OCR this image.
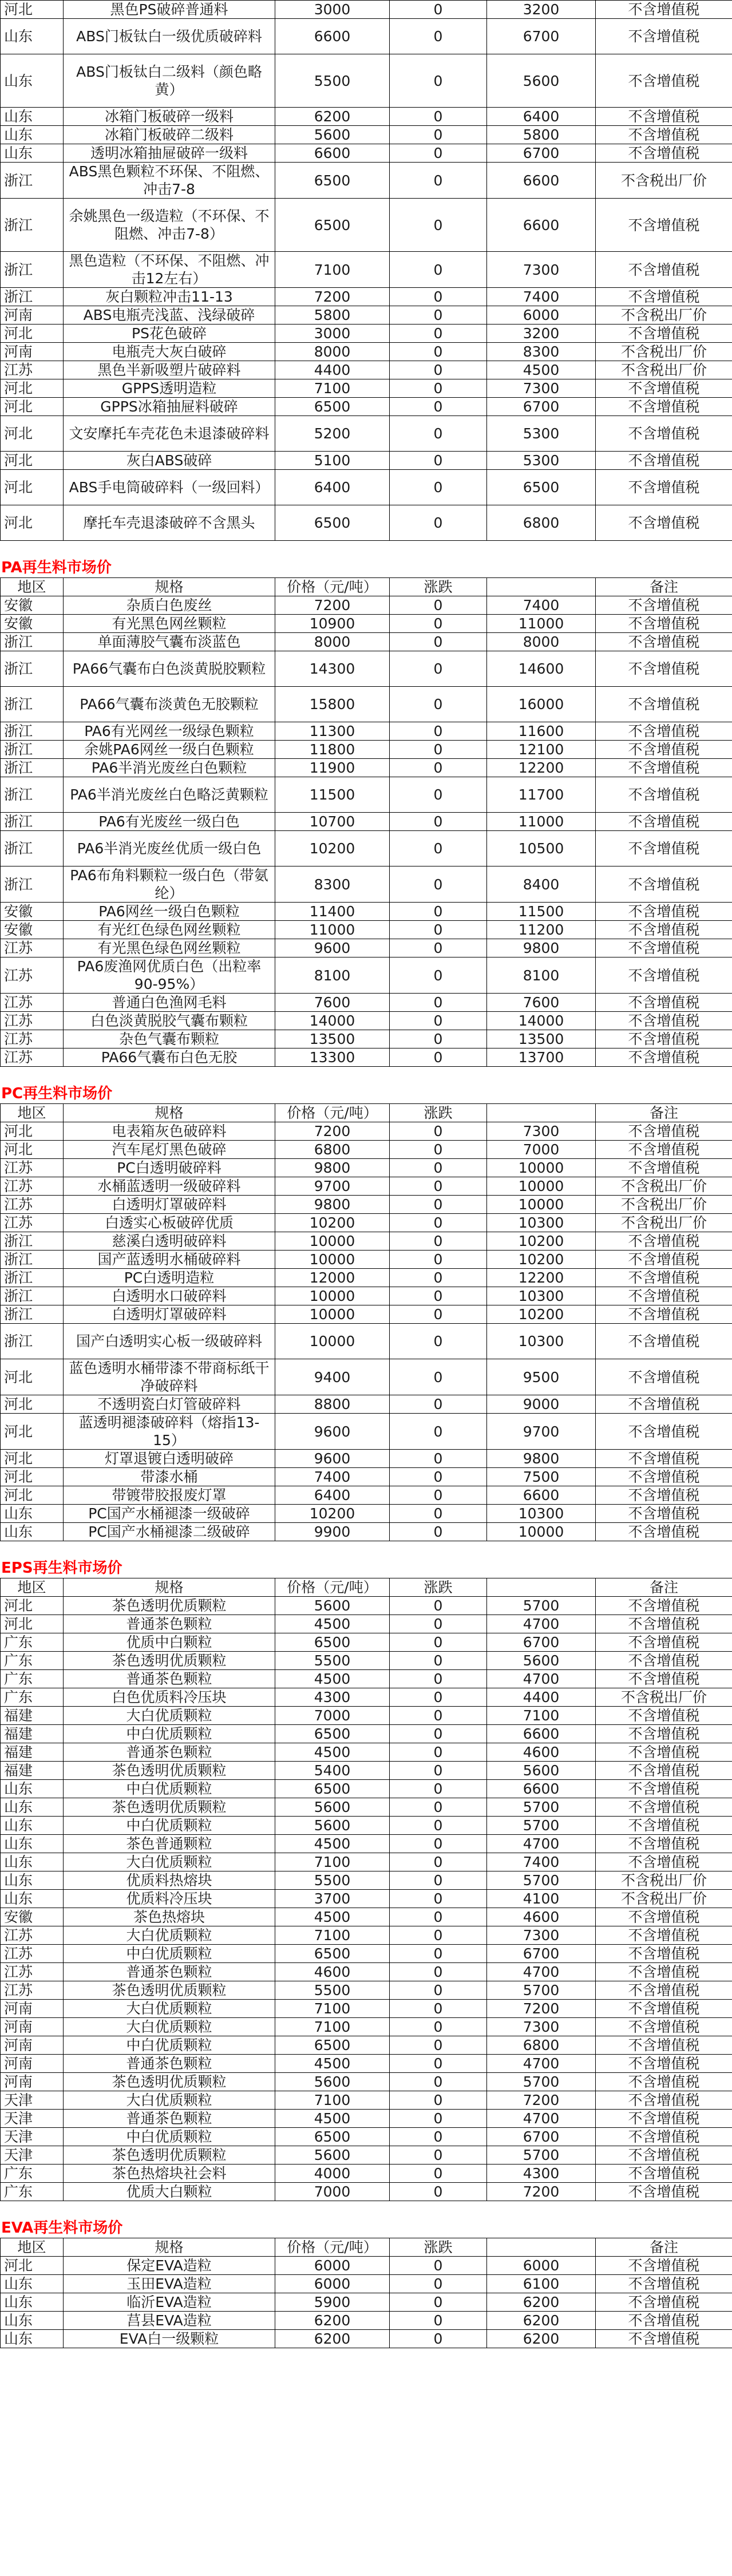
河北	黑色PS破碎普通料	3000	0	3200	不含增值税
山东	ABS门板钛白一级优质破碎料	6600	0	6700	不含增值税
山东	ABS门板钛白二级料（颜色略黄）	5500	0	5600	不含增值税
山东	冰箱门板破碎一级料	6200	0	6400	不含增值税
山东	冰箱门板破碎二级料	5600	0	5800	不含增值税
山东	透明冰箱抽屉破碎一级料	6600	0	6700	不含增值税
浙江	ABS黑色颗粒不环保、不阻燃、冲击7-8	6500	0	6600	不含税出厂价
浙江	余姚黑色一级造粒（不环保、不阻燃、冲击7-8）	6500	0	6600	不含增值税
浙江	黑色造粒（不环保、不阻燃、冲击12左右）	7100	0	7300	不含增值税
浙江	灰白颗粒冲击11-13	7200	0	7400	不含增值税
河南	ABS电瓶壳浅蓝、浅绿破碎	5800	0	6000	不含税出厂价
河北	PS花色破碎	3000	0	3200	不含增值税
河南	电瓶壳大灰白破碎	8000	0	8300	不含税出厂价
江苏	黑色半新吸塑片破碎料	4400	0	4500	不含税出厂价
河北	GPPS透明造粒	7100	0	7300	不含增值税
河北	GPPS冰箱抽屉料破碎	6500	0	6700	不含增值税
河北	文安摩托车壳花色未退漆破碎料	5200	0	5300	不含增值税
河北	灰白ABS破碎	5100	0	5300	不含增值税
河北	ABS手电筒破碎料（一级回料）	6400	0	6500	不含增值税
河北	摩托车壳退漆破碎不含黑头	6500	0	6800	不含增值税
PA再生料市场价
地区	规格	价格（元/吨）	涨跌		备注
安徽	杂质白色废丝	7200	0	7400	不含增值税
安徽	有光黑色网丝颗粒	10900	0	11000	不含增值税
浙江	单面薄胶气囊布淡蓝色	8000	0	8000	不含增值税
浙江	PA66气囊布白色淡黄脱胶颗粒	14300	0	14600	不含增值税
浙江	PA66气囊布淡黄色无胶颗粒	15800	0	16000	不含增值税
浙江	PA6有光网丝一级绿色颗粒	11300	0	11600	不含增值税
浙江	余姚PA6网丝一级白色颗粒	11800	0	12100	不含增值税
浙江	PA6半消光废丝白色颗粒	11900	0	12200	不含增值税
浙江	PA6半消光废丝白色略泛黄颗粒	11500	0	11700	不含增值税
浙江	PA6有光废丝一级白色	10700	0	11000	不含增值税
浙江	PA6半消光废丝优质一级白色	10200	0	10500	不含增值税
浙江	PA6布角料颗粒一级白色（带氨纶）	8300	0	8400	不含增值税
安徽	PA6网丝一级白色颗粒	11400	0	11500	不含增值税
安徽	有光红色绿色网丝颗粒	11000	0	11200	不含增值税
江苏	有光黑色绿色网丝颗粒	9600	0	9800	不含增值税
江苏	PA6废渔网优质白色（出粒率90-95%）	8100	0	8100	不含增值税
江苏	普通白色渔网毛料	7600	0	7600	不含增值税
江苏	白色淡黄脱胶气囊布颗粒	14000	0	14000	不含增值税
江苏	杂色气囊布颗粒	13500	0	13500	不含增值税
江苏	PA66气囊布白色无胶	13300	0	13700	不含增值税
PC再生料市场价
地区	规格	价格（元/吨）	涨跌		备注
河北	电表箱灰色破碎料	7200	0	7300	不含增值税
河北	汽车尾灯黑色破碎	6800	0	7000	不含增值税
江苏	PC白透明破碎料	9800	0	10000	不含增值税
江苏	水桶蓝透明一级破碎料	9700	0	10000	不含税出厂价
江苏	白透明灯罩破碎料	9800	0	10000	不含税出厂价
江苏	白透实心板破碎优质	10200	0	10300	不含税出厂价
浙江	慈溪白透明破碎料	10000	0	10200	不含增值税
浙江	国产蓝透明水桶破碎料	10000	0	10200	不含增值税
浙江	PC白透明造粒	12000	0	12200	不含增值税
浙江	白透明水口破碎料	10000	0	10300	不含增值税
浙江	白透明灯罩破碎料	10000	0	10200	不含增值税
浙江	国产白透明实心板一级破碎料	10000	0	10300	不含增值税
河北	蓝色透明水桶带漆不带商标纸干净破碎料	9400	0	9500	不含增值税
河北	不透明瓷白灯管破碎料	8800	0	9000	不含增值税
河北	蓝透明褪漆破碎料（熔指13-15）	9600	0	9700	不含增值税
河北	灯罩退镀白透明破碎	9600	0	9800	不含增值税
河北	带漆水桶	7400	0	7500	不含增值税
河北	带镀带胶报废灯罩	6400	0	6600	不含增值税
山东	PC国产水桶褪漆一级破碎	10200	0	10300	不含增值税
山东	PC国产水桶褪漆二级破碎	9900	0	10000	不含增值税
EPS再生料市场价
地区	规格	价格（元/吨）	涨跌		备注
河北	茶色透明优质颗粒	5600	0	5700	不含增值税
河北	普通茶色颗粒	4500	0	4700	不含增值税
广东	优质中白颗粒	6500	0	6700	不含增值税
广东	茶色透明优质颗粒	5500	0	5600	不含增值税
广东	普通茶色颗粒	4500	0	4700	不含增值税
广东	白色优质料冷压块	4300	0	4400	不含税出厂价
福建	大白优质颗粒	7000	0	7100	不含增值税
福建	中白优质颗粒	6500	0	6600	不含增值税
福建	普通茶色颗粒	4500	0	4600	不含增值税
福建	茶色透明优质颗粒	5400	0	5600	不含增值税
山东	中白优质颗粒	6500	0	6600	不含增值税
山东	茶色透明优质颗粒	5600	0	5700	不含增值税
山东	中白优质颗粒	5600	0	5700	不含增值税
山东	茶色普通颗粒	4500	0	4700	不含增值税
山东	大白优质颗粒	7100	0	7400	不含增值税
山东	优质料热熔块	5500	0	5700	不含税出厂价
山东	优质料冷压块	3700	0	4100	不含税出厂价
安徽	茶色热熔块	4500	0	4600	不含增值税
江苏	大白优质颗粒	7100	0	7300	不含增值税
江苏	中白优质颗粒	6500	0	6700	不含增值税
江苏	普通茶色颗粒	4600	0	4700	不含增值税
江苏	茶色透明优质颗粒	5500	0	5700	不含增值税
河南	大白优质颗粒	7100	0	7200	不含增值税
河南	大白优质颗粒	7100	0	7300	不含增值税
河南	中白优质颗粒	6500	0	6800	不含增值税
河南	普通茶色颗粒	4500	0	4700	不含增值税
河南	茶色透明优质颗粒	5600	0	5700	不含增值税
天津	大白优质颗粒	7100	0	7200	不含增值税
天津	普通茶色颗粒	4500	0	4700	不含增值税
天津	中白优质颗粒	6500	0	6700	不含增值税
天津	茶色透明优质颗粒	5600	0	5700	不含增值税
广东	茶色热熔块社会料	4000	0	4300	不含增值税
广东	优质大白颗粒	7000	0	7200	不含增值税
EVA再生料市场价
地区	规格	价格（元/吨）	涨跌		备注
河北	保定EVA造粒	6000	0	6000	不含增值税
山东	玉田EVA造粒	6000	0	6100	不含增值税
山东	临沂EVA造粒	5900	0	6200	不含增值税
山东	莒县EVA造粒	6200	0	6200	不含增值税
山东	EVA白一级颗粒	6200	0	6200	不含增值税
